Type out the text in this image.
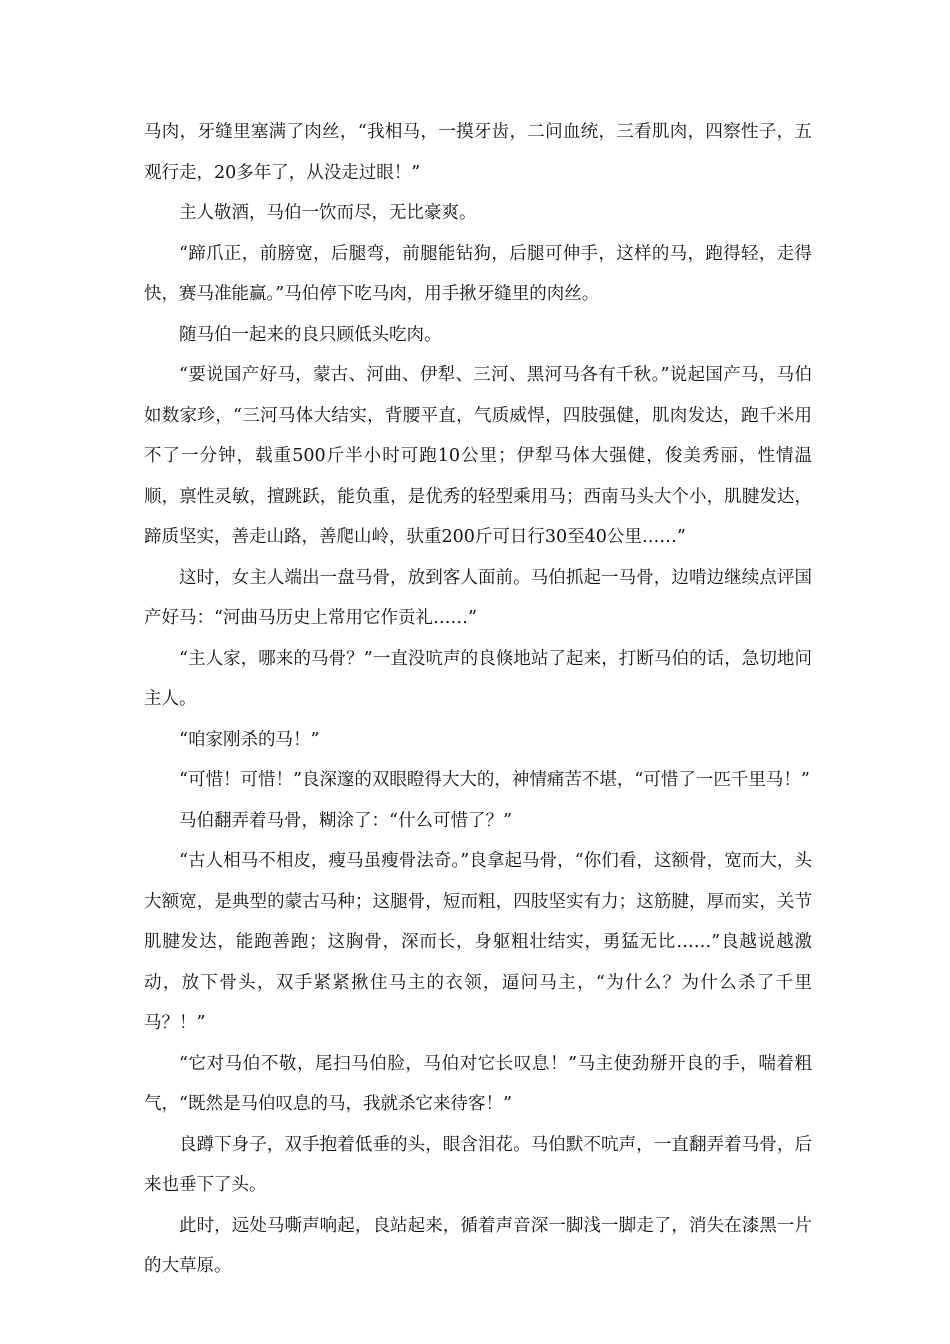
马肉，牙缝里塞满了肉丝，“我相马，一摸牙齿，二问血统，三看肌肉，四察性子，五观行走，20多年了，从没走过眼！”

主人敬酒，马伯一饮而尽，无比豪爽。

“蹄爪正，前膀宽，后腿弯，前腿能钻狗，后腿可伸手，这样的马，跑得轻，走得快，赛马准能赢。”马伯停下吃马肉，用手揪牙缝里的肉丝。

随马伯一起来的良只顾低头吃肉。

“要说国产好马，蒙古、河曲、伊犁、三河、黑河马各有千秋。”说起国产马，马伯如数家珍，“三河马体大结实，背腰平直，气质威悍，四肢强健，肌肉发达，跑千米用不了一分钟，载重500斤半小时可跑10公里；伊犁马体大强健，俊美秀丽，性情温顺，禀性灵敏，擅跳跃，能负重，是优秀的轻型乘用马；西南马头大个小，肌腱发达，蹄质坚实，善走山路，善爬山岭，驮重200斤可日行30至40公里……”

这时，女主人端出一盘马骨，放到客人面前。马伯抓起一马骨，边啃边继续点评国产好马：“河曲马历史上常用它作贡礼……”

“主人家，哪来的马骨？”一直没吭声的良倏地站了起来，打断马伯的话，急切地问主人。

“咱家刚杀的马！”

“可惜！可惜！”良深邃的双眼瞪得大大的，神情痛苦不堪，“可惜了一匹千里马！”

马伯翻弄着马骨，糊涂了：“什么可惜了？”

“古人相马不相皮，瘦马虽瘦骨法奇。”良拿起马骨，“你们看，这额骨，宽而大，头大额宽，是典型的蒙古马种；这腿骨，短而粗，四肢坚实有力；这筋腱，厚而实，关节肌腱发达，能跑善跑；这胸骨，深而长，身躯粗壮结实，勇猛无比……”良越说越激动，放下骨头，双手紧紧揪住马主的衣领，逼问马主，“为什么？为什么杀了千里马？！”

“它对马伯不敬，尾扫马伯脸，马伯对它长叹息！”马主使劲掰开良的手，喘着粗气，“既然是马伯叹息的马，我就杀它来待客！”

良蹲下身子，双手抱着低垂的头，眼含泪花。马伯默不吭声，一直翻弄着马骨，后来也垂下了头。

此时，远处马嘶声响起，良站起来，循着声音深一脚浅一脚走了，消失在漆黑一片的大草原。
